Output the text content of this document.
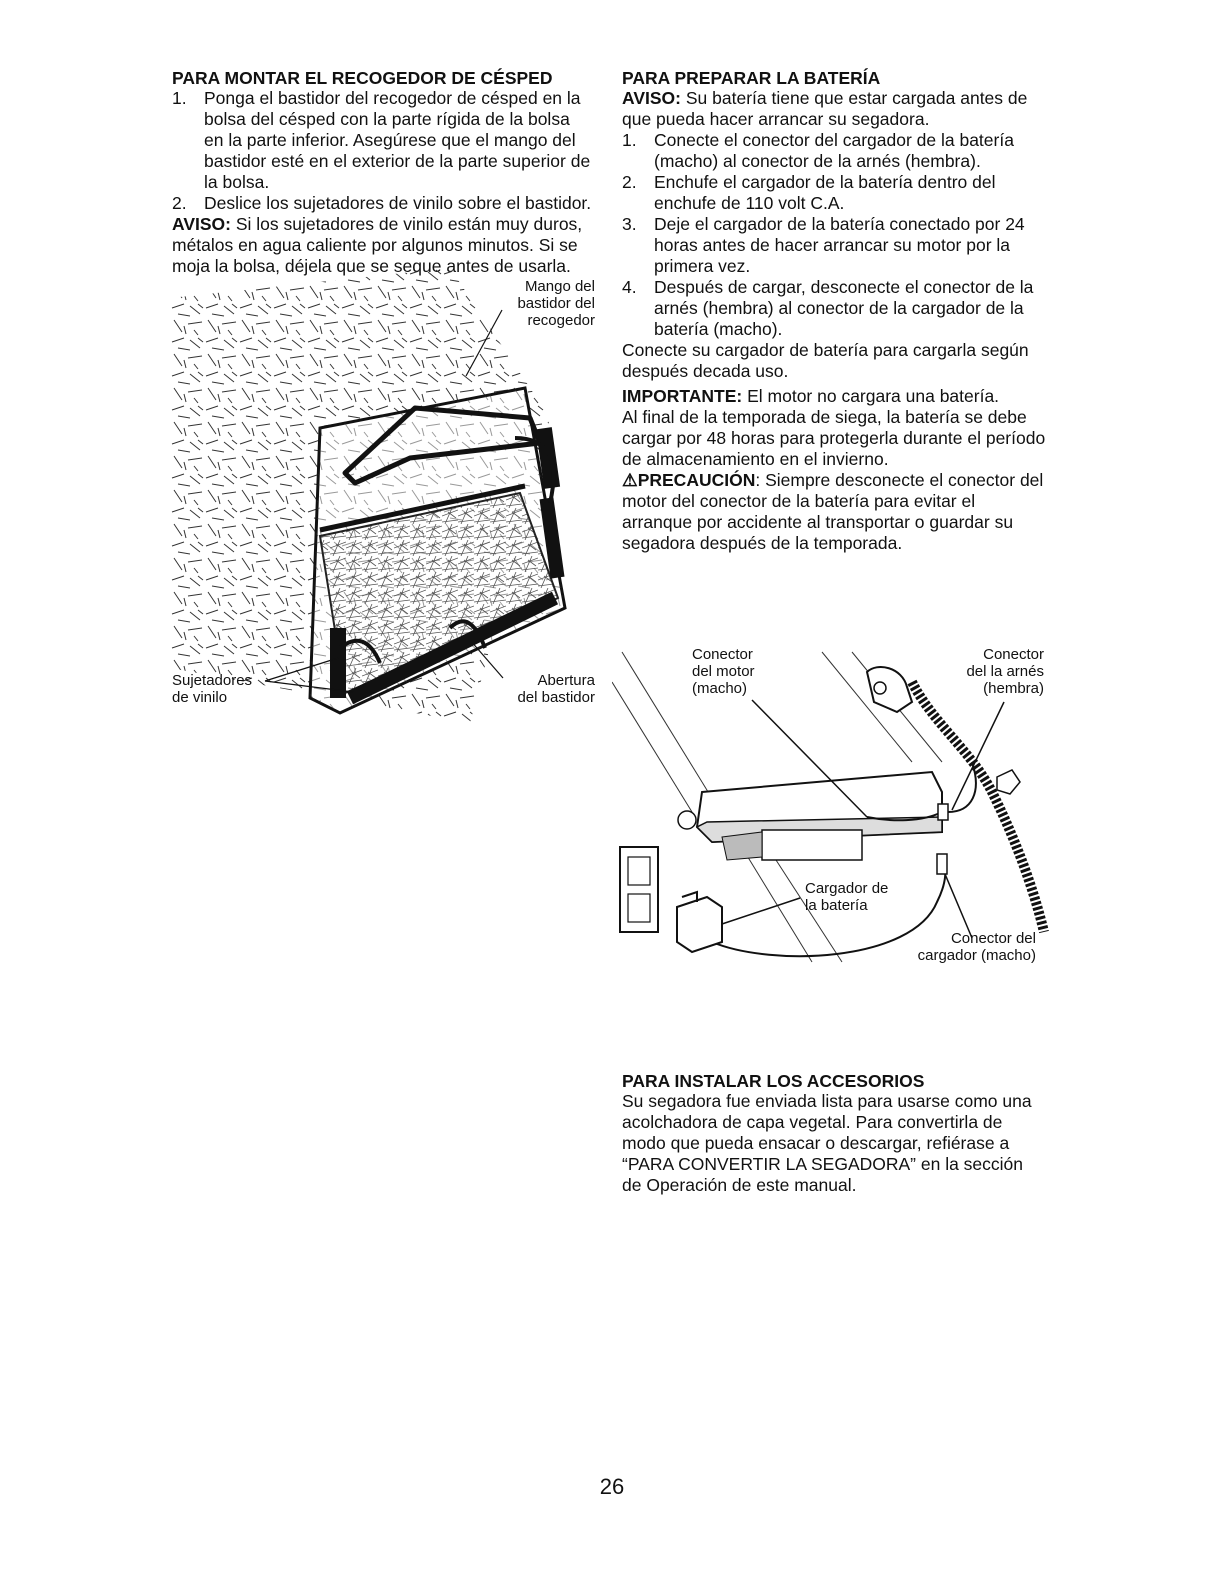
PARA MONTAR EL RECOGEDOR DE CÉSPED
1. Ponga el bastidor del recogedor de césped en la bolsa del césped con la parte rígida de la bolsa en la parte inferior. Asegúrese que el mango del bastidor esté en el exterior de la parte superior de la bolsa.
2. Deslice los sujetadores de vinilo sobre el bastidor.

AVISO: Si los sujetadores de vinilo están muy duros, métalos en agua caliente por algunos minutos. Si se moja la bolsa, déjela que se seque antes de usarla.

Mango del
bastidor del
recogedor
Sujetadores
de vinilo
Abertura
del bastidor
PARA PREPARAR LA BATERÍA

AVISO: Su batería tiene que estar cargada antes de que pueda hacer arrancar su segadora.

1. Conecte el conector del cargador de la batería (macho) al conector de la arnés (hembra).
2. Enchufe el cargador de la batería dentro del enchufe de 110 volt C.A.
3. Deje el cargador de la batería conectado por 24 horas antes de hacer arrancar su motor por la primera vez.
4. Después de cargar, desconecte el conector de la arnés (hembra) al conector de la cargador de la batería (macho).

Conecte su cargador de batería para cargarla según después decada uso.

IMPORTANTE: El motor no cargara una batería.

Al final de la temporada de siega, la batería se debe cargar por 48 horas para protegerla durante el período de almacenamiento en el invierno.

⚠PRECAUCIÓN: Siempre desconecte el conector del motor del conector de la batería para evitar el arranque por accidente al transportar o guardar su segadora después de la temporada.

Conector
del motor
(macho)
Conector
del la arnés
(hembra)
Cargador de
la batería
Conector del
cargador (macho)
PARA INSTALAR LOS ACCESORIOS

Su segadora fue enviada lista para usarse como una acolchadora de capa vegetal. Para convertirla de modo que pueda ensacar o descargar, refiérase a “PARA CONVERTIR LA SEGADORA” en la sección de Operación de este manual.

26
